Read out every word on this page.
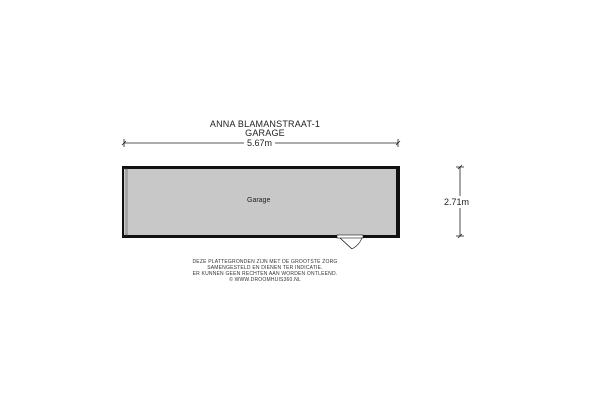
ANNA BLAMANSTRAAT-1
GARAGE
5.67m
2.71m
Garage
DEZE PLATTEGRONDEN ZIJN MET DE GROOTSTE ZORG
SAMENGESTELD EN DIENEN TER INDICATIE.
ER KUNNEN GEEN RECHTEN AAN WORDEN ONTLEEND.
© WWW.DROOMHUIS360.NL
